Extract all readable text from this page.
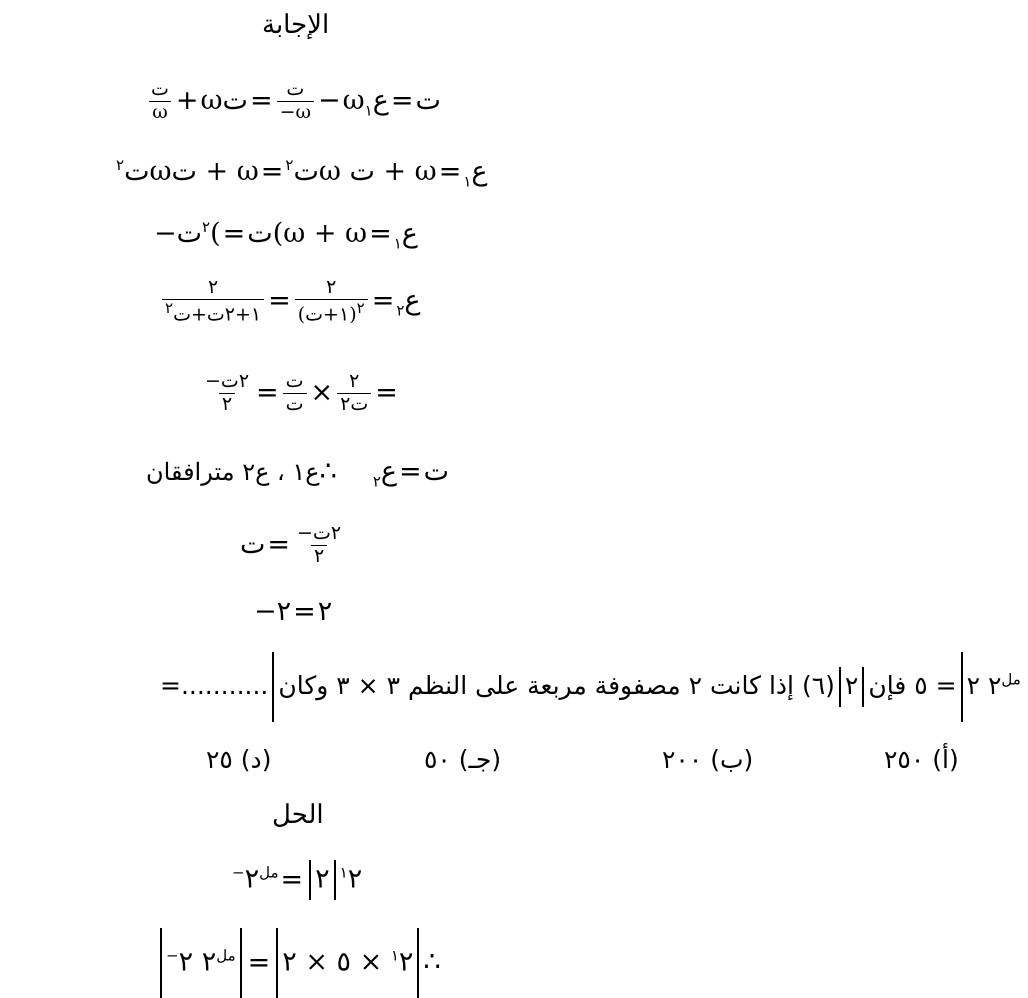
الإجابة
$\frac{\text{ت}}{\omega}$ +ωت= $\frac{\text{ت}}{-\omega}$ −ωت=ع$_١$
ت$^٢$ ωت + ω= ت$^٢$ ω ت + ω= ع$_١$
−ت=)$^٢$ت(ω + ω= ع$_١$
$\frac{٢}{١+٢ت+ت^٢} = \frac{٢}{(١+ت)^٢}$ = ع$_٢$
$\frac{\text{−٢ت}}{٢} = \frac{\text{ت}}{\text{ت}} \times \frac{٢}{\text{ت٢}}$ =
ت=ع$_٢$∴ع١ ، ع٢ مترافقان
ت= $\frac{\text{−٢ت}}{٢}$
−٢=٢
=...........	$^{مل}$٢ ٢= ٥ فإن٢(٦) إذا كانت ٢ مصفوفة مربعة على النظم ٣ × ٣ وكان
(أ) ٢٥٠
(ب) ٢٠٠
(جـ) ٥٠
(د) ٢٥
الحل
$^{-١}$٢٢=$^{مل}$٢
$^{-١}$٢ × ٥ × ٢=$^{مل}$٢ ٢	∴
